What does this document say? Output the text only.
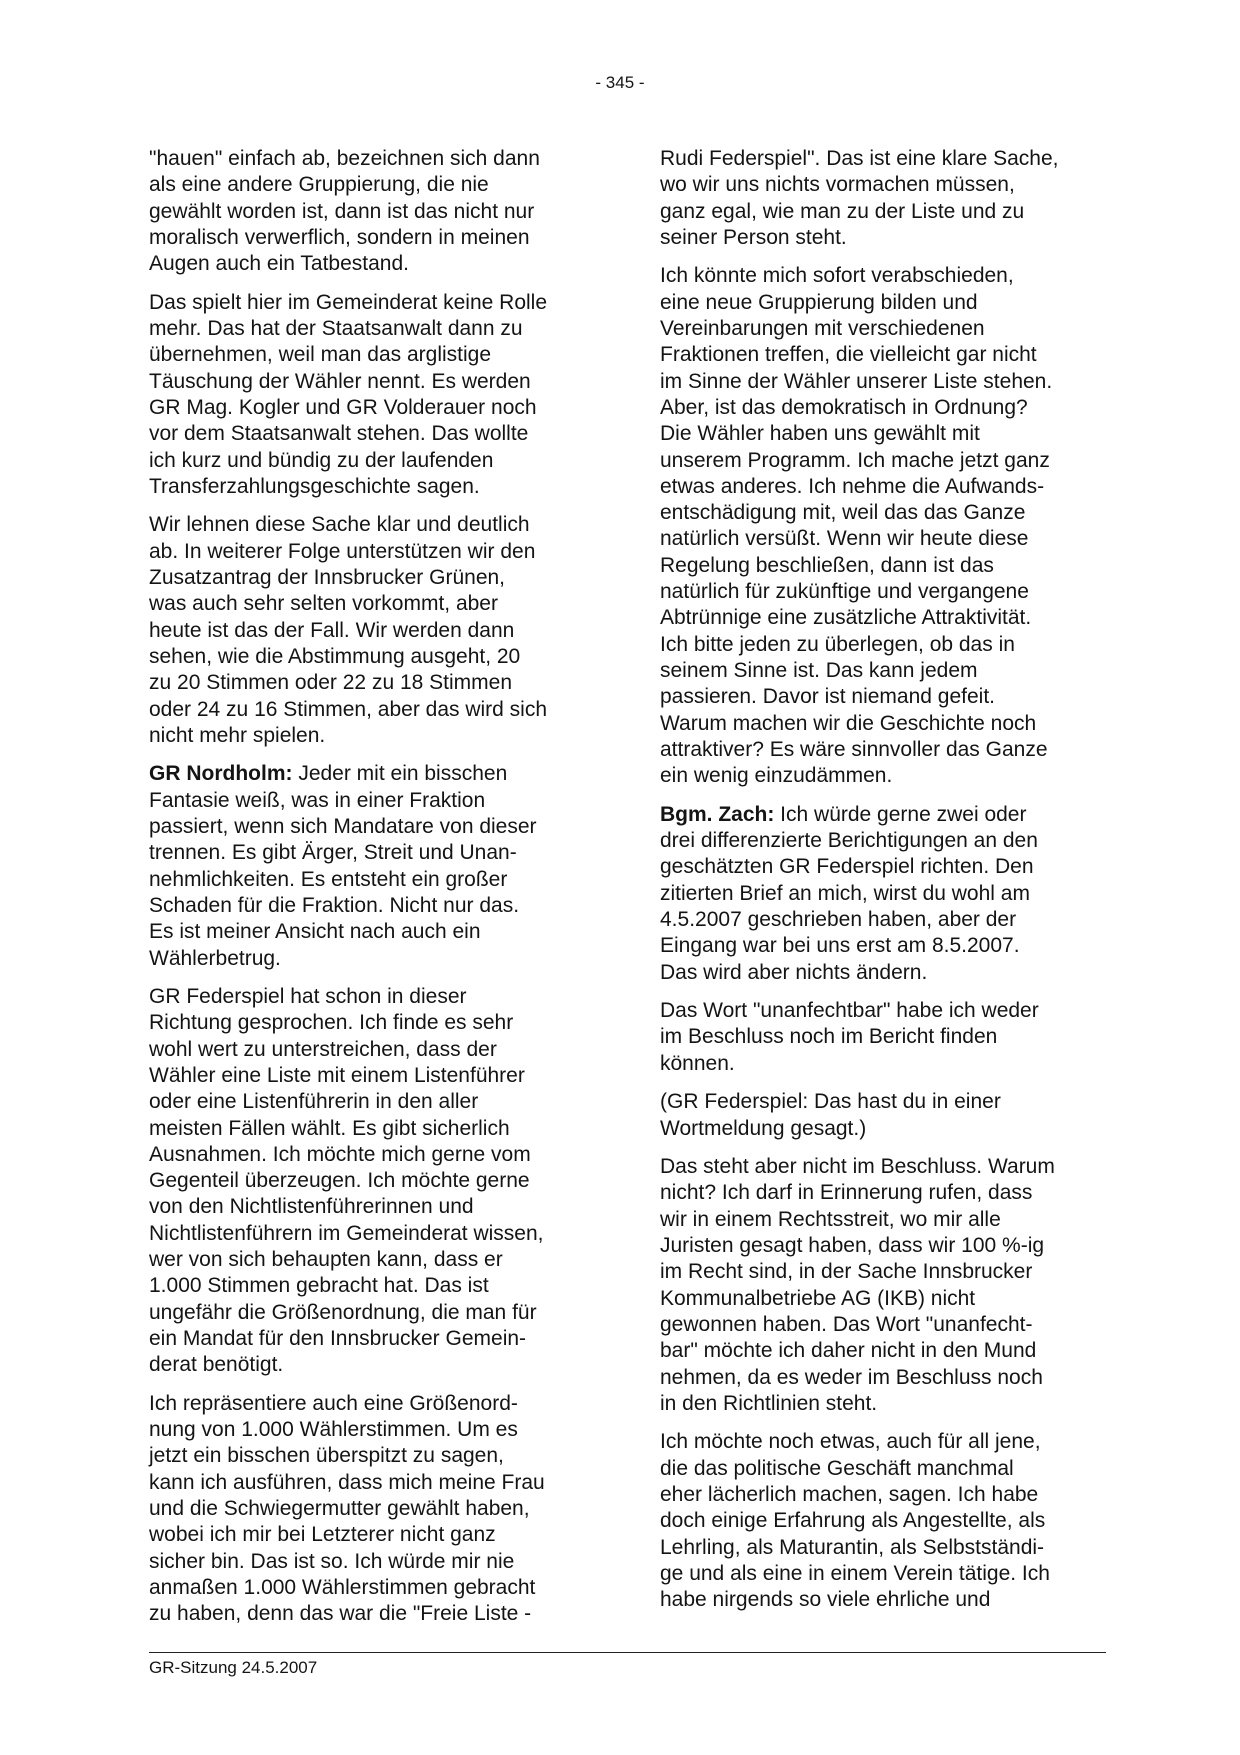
- 345 -

"hauen" einfach ab, bezeichnen sich dann
als eine andere Gruppierung, die nie
gewählt worden ist, dann ist das nicht nur
moralisch verwerflich, sondern in meinen
Augen auch ein Tatbestand.

Das spielt hier im Gemeinderat keine Rolle
mehr. Das hat der Staatsanwalt dann zu
übernehmen, weil man das arglistige
Täuschung der Wähler nennt. Es werden
GR Mag. Kogler und GR Volderauer noch
vor dem Staatsanwalt stehen. Das wollte
ich kurz und bündig zu der laufenden
Transferzahlungsgeschichte sagen.

Wir lehnen diese Sache klar und deutlich
ab. In weiterer Folge unterstützen wir den
Zusatzantrag der Innsbrucker Grünen,
was auch sehr selten vorkommt, aber
heute ist das der Fall. Wir werden dann
sehen, wie die Abstimmung ausgeht, 20
zu 20 Stimmen oder 22 zu 18 Stimmen
oder 24 zu 16 Stimmen, aber das wird sich
nicht mehr spielen.

GR Nordholm: Jeder mit ein bisschen
Fantasie weiß, was in einer Fraktion
passiert, wenn sich Mandatare von dieser
trennen. Es gibt Ärger, Streit und Unan-
nehmlichkeiten. Es entsteht ein großer
Schaden für die Fraktion. Nicht nur das.
Es ist meiner Ansicht nach auch ein
Wählerbetrug.

GR Federspiel hat schon in dieser
Richtung gesprochen. Ich finde es sehr
wohl wert zu unterstreichen, dass der
Wähler eine Liste mit einem Listenführer
oder eine Listenführerin in den aller
meisten Fällen wählt. Es gibt sicherlich
Ausnahmen. Ich möchte mich gerne vom
Gegenteil überzeugen. Ich möchte gerne
von den Nichtlistenführerinnen und
Nichtlistenführern im Gemeinderat wissen,
wer von sich behaupten kann, dass er
1.000 Stimmen gebracht hat. Das ist
ungefähr die Größenordnung, die man für
ein Mandat für den Innsbrucker Gemein-
derat benötigt.

Ich repräsentiere auch eine Größenord-
nung von 1.000 Wählerstimmen. Um es
jetzt ein bisschen überspitzt zu sagen,
kann ich ausführen, dass mich meine Frau
und die Schwiegermutter gewählt haben,
wobei ich mir bei Letzterer nicht ganz
sicher bin. Das ist so. Ich würde mir nie
anmaßen 1.000 Wählerstimmen gebracht
zu haben, denn das war die "Freie Liste -

Rudi Federspiel". Das ist eine klare Sache,
wo wir uns nichts vormachen müssen,
ganz egal, wie man zu der Liste und zu
seiner Person steht.

Ich könnte mich sofort verabschieden,
eine neue Gruppierung bilden und
Vereinbarungen mit verschiedenen
Fraktionen treffen, die vielleicht gar nicht
im Sinne der Wähler unserer Liste stehen.
Aber, ist das demokratisch in Ordnung?
Die Wähler haben uns gewählt mit
unserem Programm. Ich mache jetzt ganz
etwas anderes. Ich nehme die Aufwands-
entschädigung mit, weil das das Ganze
natürlich versüßt. Wenn wir heute diese
Regelung beschließen, dann ist das
natürlich für zukünftige und vergangene
Abtrünnige eine zusätzliche Attraktivität.
Ich bitte jeden zu überlegen, ob das in
seinem Sinne ist. Das kann jedem
passieren. Davor ist niemand gefeit.
Warum machen wir die Geschichte noch
attraktiver? Es wäre sinnvoller das Ganze
ein wenig einzudämmen.

Bgm. Zach: Ich würde gerne zwei oder
drei differenzierte Berichtigungen an den
geschätzten GR Federspiel richten. Den
zitierten Brief an mich, wirst du wohl am
4.5.2007 geschrieben haben, aber der
Eingang war bei uns erst am 8.5.2007.
Das wird aber nichts ändern.

Das Wort "unanfechtbar" habe ich weder
im Beschluss noch im Bericht finden
können.

(GR Federspiel: Das hast du in einer
Wortmeldung gesagt.)

Das steht aber nicht im Beschluss. Warum
nicht? Ich darf in Erinnerung rufen, dass
wir in einem Rechtsstreit, wo mir alle
Juristen gesagt haben, dass wir 100 %-ig
im Recht sind, in der Sache Innsbrucker
Kommunalbetriebe AG (IKB) nicht
gewonnen haben. Das Wort "unanfecht-
bar" möchte ich daher nicht in den Mund
nehmen, da es weder im Beschluss noch
in den Richtlinien steht.

Ich möchte noch etwas, auch für all jene,
die das politische Geschäft manchmal
eher lächerlich machen, sagen. Ich habe
doch einige Erfahrung als Angestellte, als
Lehrling, als Maturantin, als Selbstständi-
ge und als eine in einem Verein tätige. Ich
habe nirgends so viele ehrliche und

GR-Sitzung 24.5.2007
